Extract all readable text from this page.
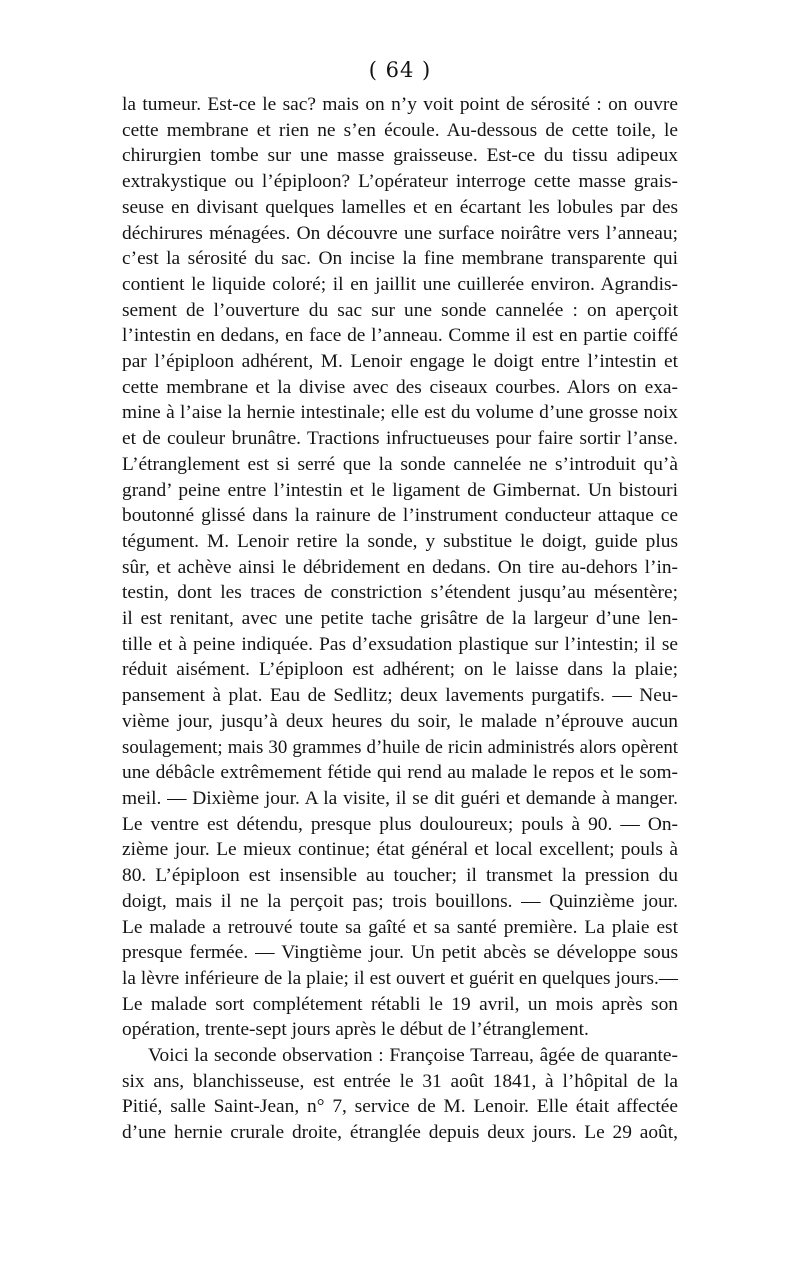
( 64 )
la tumeur. Est-ce le sac? mais on n’y voit point de sérosité : on ouvre
cette membrane et rien ne s’en écoule. Au-dessous de cette toile, le
chirurgien tombe sur une masse graisseuse. Est-ce du tissu adipeux
extrakystique ou l’épiploon? L’opérateur interroge cette masse grais-
seuse en divisant quelques lamelles et en écartant les lobules par des
déchirures ménagées. On découvre une surface noirâtre vers l’anneau;
c’est la sérosité du sac. On incise la fine membrane transparente qui
contient le liquide coloré; il en jaillit une cuillerée environ. Agrandis-
sement de l’ouverture du sac sur une sonde cannelée : on aperçoit
l’intestin en dedans, en face de l’anneau. Comme il est en partie coiffé
par l’épiploon adhérent, M. Lenoir engage le doigt entre l’intestin et
cette membrane et la divise avec des ciseaux courbes. Alors on exa-
mine à l’aise la hernie intestinale; elle est du volume d’une grosse noix
et de couleur brunâtre. Tractions infructueuses pour faire sortir l’anse.
L’étranglement est si serré que la sonde cannelée ne s’introduit qu’à
grand’ peine entre l’intestin et le ligament de Gimbernat. Un bistouri
boutonné glissé dans la rainure de l’instrument conducteur attaque ce
tégument. M. Lenoir retire la sonde, y substitue le doigt, guide plus
sûr, et achève ainsi le débridement en dedans. On tire au-dehors l’in-
testin, dont les traces de constriction s’étendent jusqu’au mésentère;
il est renitant, avec une petite tache grisâtre de la largeur d’une len-
tille et à peine indiquée. Pas d’exsudation plastique sur l’intestin; il se
réduit aisément. L’épiploon est adhérent; on le laisse dans la plaie;
pansement à plat. Eau de Sedlitz; deux lavements purgatifs. — Neu-
vième jour, jusqu’à deux heures du soir, le malade n’éprouve aucun
soulagement; mais 30 grammes d’huile de ricin administrés alors opèrent
une débâcle extrêmement fétide qui rend au malade le repos et le som-
meil. — Dixième jour. A la visite, il se dit guéri et demande à manger.
Le ventre est détendu, presque plus douloureux; pouls à 90. — On-
zième jour. Le mieux continue; état général et local excellent; pouls à
80. L’épiploon est insensible au toucher; il transmet la pression du
doigt, mais il ne la perçoit pas; trois bouillons. — Quinzième jour.
Le malade a retrouvé toute sa gaîté et sa santé première. La plaie est
presque fermée. — Vingtième jour. Un petit abcès se développe sous
la lèvre inférieure de la plaie; il est ouvert et guérit en quelques jours.—
Le malade sort complétement rétabli le 19 avril, un mois après son
opération, trente-sept jours après le début de l’étranglement.
Voici la seconde observation : Françoise Tarreau, âgée de quarante-
six ans, blanchisseuse, est entrée le 31 août 1841, à l’hôpital de la
Pitié, salle Saint-Jean, n° 7, service de M. Lenoir. Elle était affectée
d’une hernie crurale droite, étranglée depuis deux jours. Le 29 août,
